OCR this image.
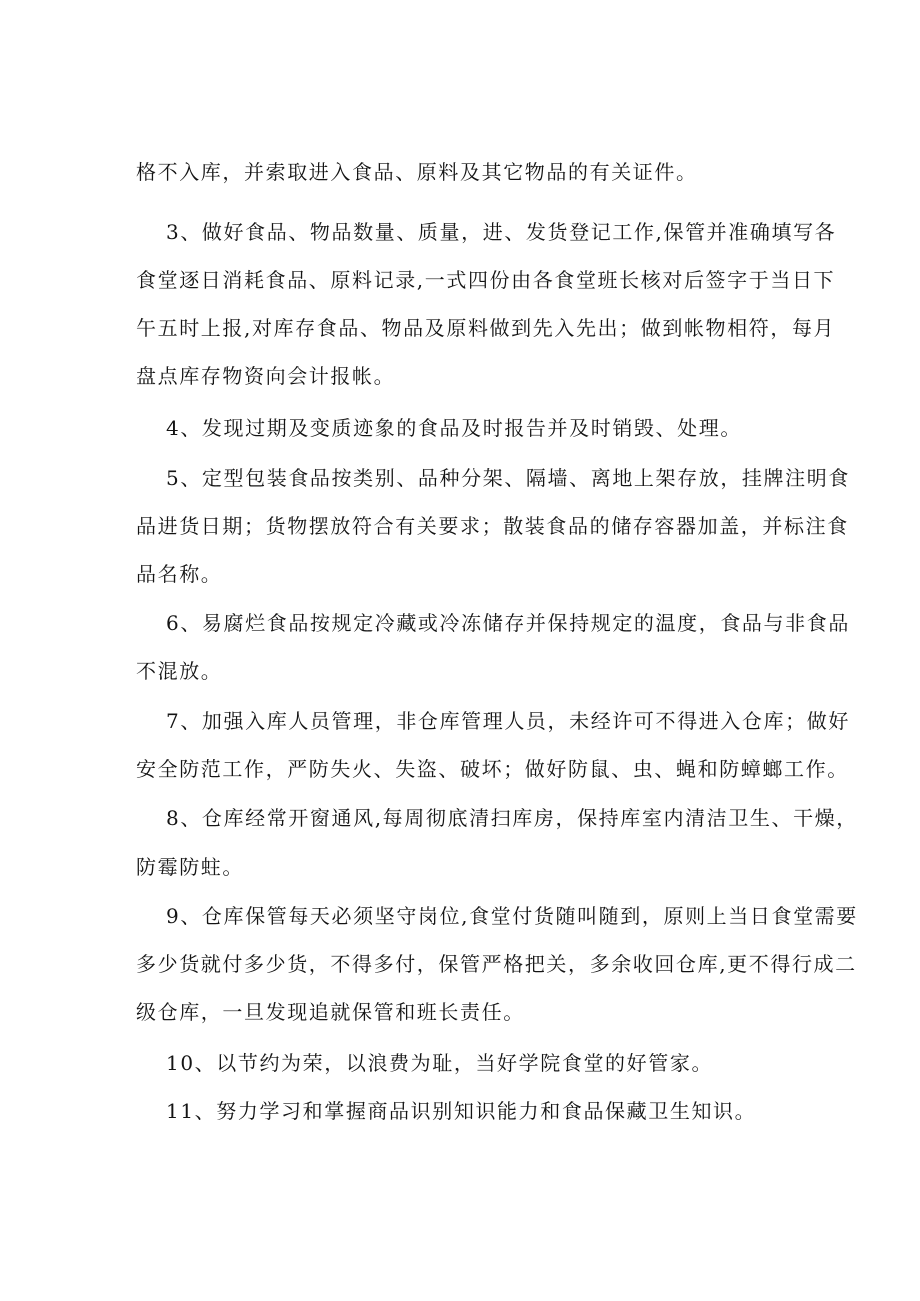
格不入库，并索取进入食品、原料及其它物品的有关证件。
3、做好食品、物品数量、质量，进、发货登记工作,保管并准确填写各
食堂逐日消耗食品、原料记录,一式四份由各食堂班长核对后签字于当日下
午五时上报,对库存食品、物品及原料做到先入先出；做到帐物相符，每月
盘点库存物资向会计报帐。
4、发现过期及变质迹象的食品及时报告并及时销毁、处理。
5、定型包装食品按类别、品种分架、隔墙、离地上架存放，挂牌注明食
品进货日期；货物摆放符合有关要求；散装食品的储存容器加盖，并标注食
品名称。
6、易腐烂食品按规定冷藏或冷冻储存并保持规定的温度，食品与非食品
不混放。
7、加强入库人员管理，非仓库管理人员，未经许可不得进入仓库；做好
安全防范工作，严防失火、失盗、破坏；做好防鼠、虫、蝇和防蟑螂工作。
8、仓库经常开窗通风,每周彻底清扫库房，保持库室内清洁卫生、干燥，
防霉防蛀。
9、仓库保管每天必须坚守岗位,食堂付货随叫随到，原则上当日食堂需要
多少货就付多少货，不得多付，保管严格把关，多余收回仓库,更不得行成二
级仓库，一旦发现追就保管和班长责任。
10、以节约为荣，以浪费为耻，当好学院食堂的好管家。
11、努力学习和掌握商品识别知识能力和食品保藏卫生知识。
